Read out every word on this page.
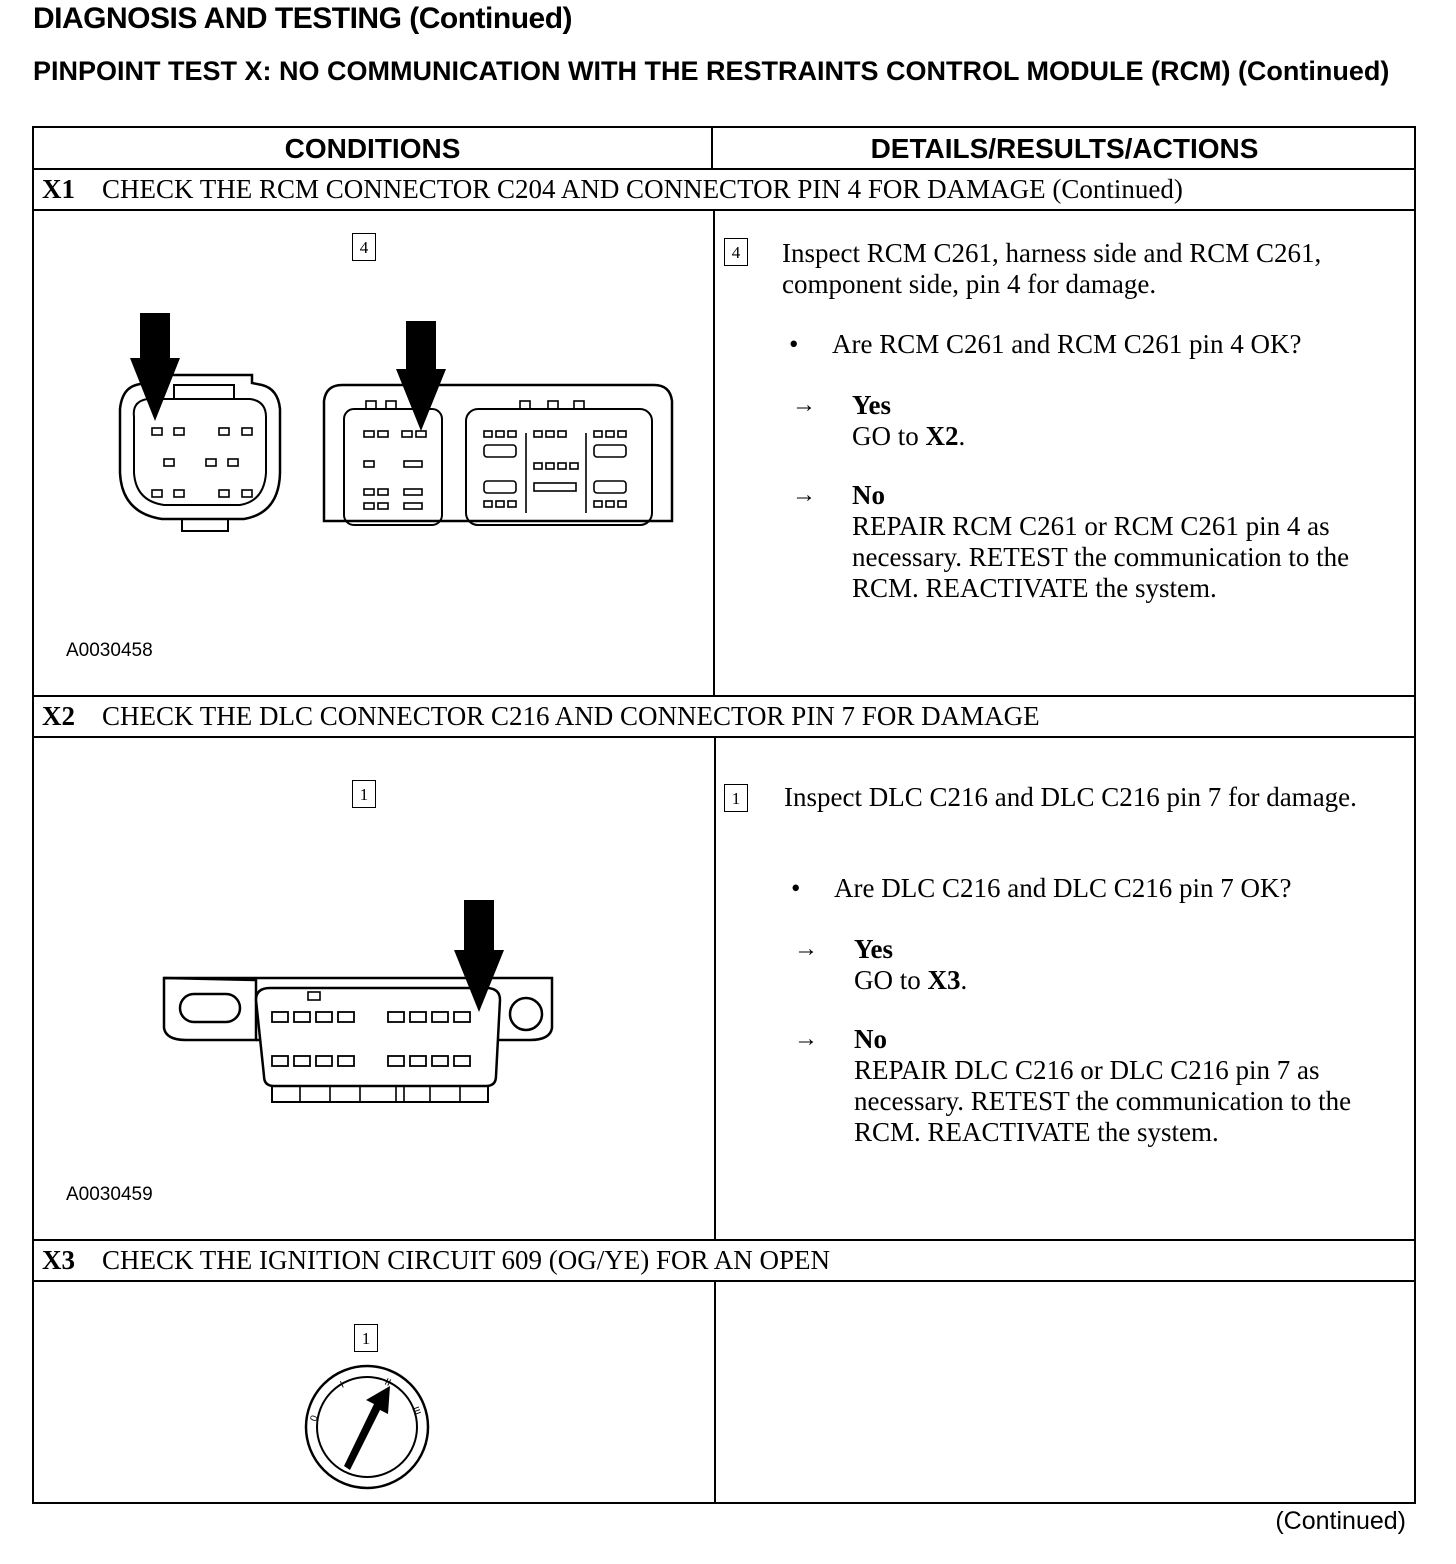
DIAGNOSIS AND TESTING (Continued)
PINPOINT TEST X: NO COMMUNICATION WITH THE RESTRAINTS CONTROL MODULE (RCM) (Continued)
CONDITIONS	DETAILS/RESULTS/ACTIONS
X1 CHECK THE RCM CONNECTOR C204 AND CONNECTOR PIN 4 FOR DAMAGE (Continued)
X2 CHECK THE DLC CONNECTOR C216 AND CONNECTOR PIN 7 FOR DAMAGE
X3 CHECK THE IGNITION CIRCUIT 609 (OG/YE) FOR AN OPEN
4
A0030458
4 Inspect RCM C261, harness side and RCM C261, component side, pin 4 for damage.
• Are RCM C261 and RCM C261 pin 4 OK?
→ Yes
GO to X2.
→ No
REPAIR RCM C261 or RCM C261 pin 4 as necessary. RETEST the communication to the RCM. REACTIVATE the system.
1
A0030459
1 Inspect DLC C216 and DLC C216 pin 7 for damage.
• Are DLC C216 and DLC C216 pin 7 OK?
→ Yes
GO to X3.
→ No
REPAIR DLC C216 or DLC C216 pin 7 as necessary. RETEST the communication to the RCM. REACTIVATE the system.
1
0
I	II
III
(Continued)
